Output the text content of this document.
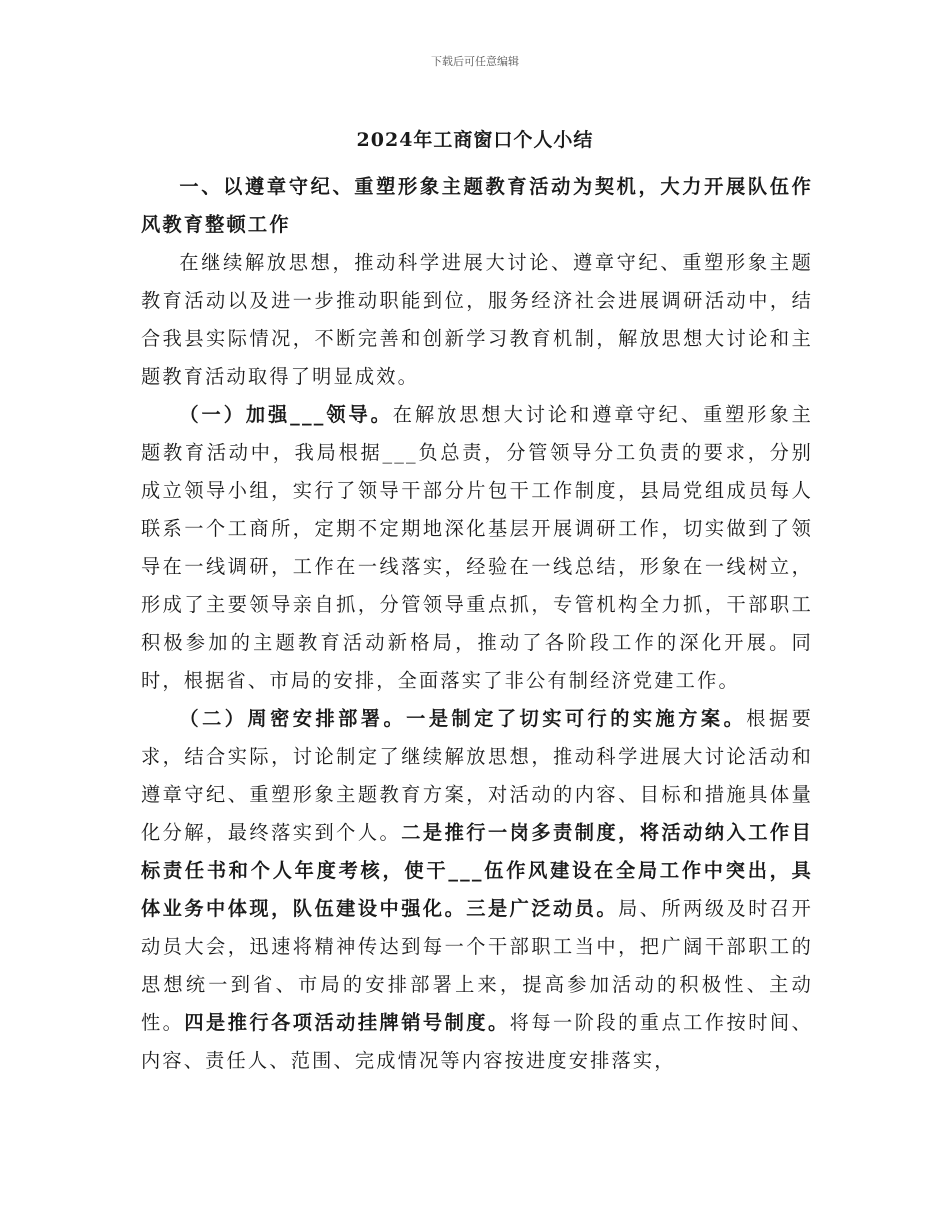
下载后可任意编辑
2024年工商窗口个人小结

一、以遵章守纪、重塑形象主题教育活动为契机，大力开展队伍作风教育整顿工作

在继续解放思想，推动科学进展大讨论、遵章守纪、重塑形象主题教育活动以及进一步推动职能到位，服务经济社会进展调研活动中，结合我县实际情况，不断完善和创新学习教育机制，解放思想大讨论和主题教育活动取得了明显成效。

（一）加强___领导。在解放思想大讨论和遵章守纪、重塑形象主题教育活动中，我局根据___负总责，分管领导分工负责的要求，分别成立领导小组，实行了领导干部分片包干工作制度，县局党组成员每人联系一个工商所，定期不定期地深化基层开展调研工作，切实做到了领导在一线调研，工作在一线落实，经验在一线总结，形象在一线树立，形成了主要领导亲自抓，分管领导重点抓，专管机构全力抓，干部职工积极参加的主题教育活动新格局，推动了各阶段工作的深化开展。同时，根据省、市局的安排，全面落实了非公有制经济党建工作。

（二）周密安排部署。一是制定了切实可行的实施方案。根据要求，结合实际，讨论制定了继续解放思想，推动科学进展大讨论活动和遵章守纪、重塑形象主题教育方案，对活动的内容、目标和措施具体量化分解，最终落实到个人。二是推行一岗多责制度，将活动纳入工作目标责任书和个人年度考核，使干___伍作风建设在全局工作中突出，具体业务中体现，队伍建设中强化。三是广泛动员。局、所两级及时召开动员大会，迅速将精神传达到每一个干部职工当中，把广阔干部职工的思想统一到省、市局的安排部署上来，提高参加活动的积极性、主动性。四是推行各项活动挂牌销号制度。将每一阶段的重点工作按时间、内容、责任人、范围、完成情况等内容按进度安排落实，
